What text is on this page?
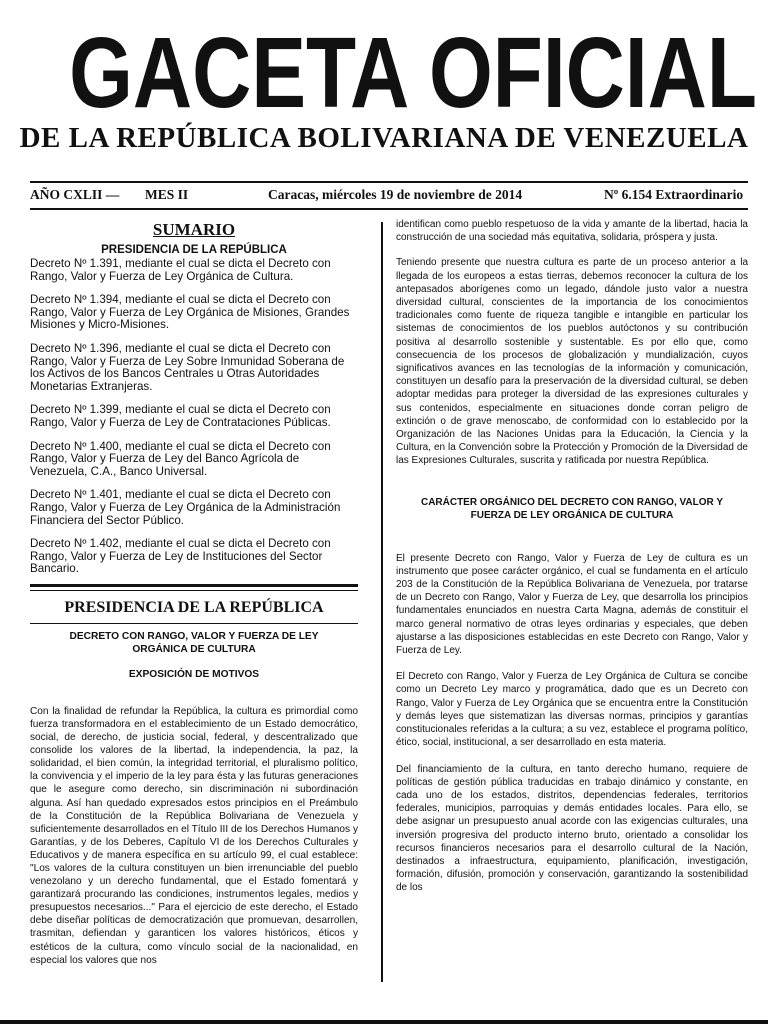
GACETA OFICIAL
DE LA REPÚBLICA BOLIVARIANA DE VENEZUELA
AÑO CXLII — MES II	Caracas, miércoles 19 de noviembre de 2014	Nº 6.154 Extraordinario
SUMARIO
PRESIDENCIA DE LA REPÚBLICA

Decreto Nº 1.391, mediante el cual se dicta el Decreto con Rango, Valor y Fuerza de Ley Orgánica de Cultura.

Decreto Nº 1.394, mediante el cual se dicta el Decreto con Rango, Valor y Fuerza de Ley Orgánica de Misiones, Grandes Misiones y Micro-Misiones.

Decreto Nº 1.396, mediante el cual se dicta el Decreto con Rango, Valor y Fuerza de Ley Sobre Inmunidad Soberana de los Activos de los Bancos Centrales u Otras Autoridades Monetarias Extranjeras.

Decreto Nº 1.399, mediante el cual se dicta el Decreto con Rango, Valor y Fuerza de Ley de Contrataciones Públicas.

Decreto Nº 1.400, mediante el cual se dicta el Decreto con Rango, Valor y Fuerza de Ley del Banco Agrícola de Venezuela, C.A., Banco Universal.

Decreto Nº 1.401, mediante el cual se dicta el Decreto con Rango, Valor y Fuerza de Ley Orgánica de la Administración Financiera del Sector Público.

Decreto Nº 1.402, mediante el cual se dicta el Decreto con Rango, Valor y Fuerza de Ley de Instituciones del Sector Bancario.

PRESIDENCIA DE LA REPÚBLICA
DECRETO CON RANGO, VALOR Y FUERZA DE LEY ORGÁNICA DE CULTURA
EXPOSICIÓN DE MOTIVOS

Con la finalidad de refundar la República, la cultura es primordial como fuerza transformadora en el establecimiento de un Estado democrático, social, de derecho, de justicia social, federal, y descentralizado que consolide los valores de la libertad, la independencia, la paz, la solidaridad, el bien común, la integridad territorial, el pluralismo político, la convivencia y el imperio de la ley para ésta y las futuras generaciones que le asegure como derecho, sin discriminación ni subordinación alguna. Así han quedado expresados estos principios en el Preámbulo de la Constitución de la República Bolivariana de Venezuela y suficientemente desarrollados en el Título III de los Derechos Humanos y Garantías, y de los Deberes, Capítulo VI de los Derechos Culturales y Educativos y de manera específica en su artículo 99, el cual establece: "Los valores de la cultura constituyen un bien irrenunciable del pueblo venezolano y un derecho fundamental, que el Estado fomentará y garantizará procurando las condiciones, instrumentos legales, medios y presupuestos necesarios..." Para el ejercicio de este derecho, el Estado debe diseñar políticas de democratización que promuevan, desarrollen, trasmitan, defiendan y garanticen los valores históricos, éticos y estéticos de la cultura, como vínculo social de la nacionalidad, en especial los valores que nos

identifican como pueblo respetuoso de la vida y amante de la libertad, hacia la construcción de una sociedad más equitativa, solidaria, próspera y justa.

Teniendo presente que nuestra cultura es parte de un proceso anterior a la llegada de los europeos a estas tierras, debemos reconocer la cultura de los antepasados aborígenes como un legado, dándole justo valor a nuestra diversidad cultural, conscientes de la importancia de los conocimientos tradicionales como fuente de riqueza tangible e intangible en particular los sistemas de conocimientos de los pueblos autóctonos y su contribución positiva al desarrollo sostenible y sustentable. Es por ello que, como consecuencia de los procesos de globalización y mundialización, cuyos significativos avances en las tecnologías de la información y comunicación, constituyen un desafío para la preservación de la diversidad cultural, se deben adoptar medidas para proteger la diversidad de las expresiones culturales y sus contenidos, especialmente en situaciones donde corran peligro de extinción o de grave menoscabo, de conformidad con lo establecido por la Organización de las Naciones Unidas para la Educación, la Ciencia y la Cultura, en la Convención sobre la Protección y Promoción de la Diversidad de las Expresiones Culturales, suscrita y ratificada por nuestra República.

CARÁCTER ORGÁNICO DEL DECRETO CON RANGO, VALOR Y FUERZA DE LEY ORGÁNICA DE CULTURA

El presente Decreto con Rango, Valor y Fuerza de Ley de cultura es un instrumento que posee carácter orgánico, el cual se fundamenta en el artículo 203 de la Constitución de la República Bolivariana de Venezuela, por tratarse de un Decreto con Rango, Valor y Fuerza de Ley, que desarrolla los principios fundamentales enunciados en nuestra Carta Magna, además de constituir el marco general normativo de otras leyes ordinarias y especiales, que deben ajustarse a las disposiciones establecidas en este Decreto con Rango, Valor y Fuerza de Ley.

El Decreto con Rango, Valor y Fuerza de Ley Orgánica de Cultura se concibe como un Decreto Ley marco y programática, dado que es un Decreto con Rango, Valor y Fuerza de Ley Orgánica que se encuentra entre la Constitución y demás leyes que sistematizan las diversas normas, principios y garantías constitucionales referidas a la cultura; a su vez, establece el programa político, ético, social, institucional, a ser desarrollado en esta materia.

Del financiamiento de la cultura, en tanto derecho humano, requiere de políticas de gestión pública traducidas en trabajo dinámico y constante, en cada uno de los estados, distritos, dependencias federales, territorios federales, municipios, parroquias y demás entidades locales. Para ello, se debe asignar un presupuesto anual acorde con las exigencias culturales, una inversión progresiva del producto interno bruto, orientado a consolidar los recursos financieros necesarios para el desarrollo cultural de la Nación, destinados a infraestructura, equipamiento, planificación, investigación, formación, difusión, promoción y conservación, garantizando la sostenibilidad de los
